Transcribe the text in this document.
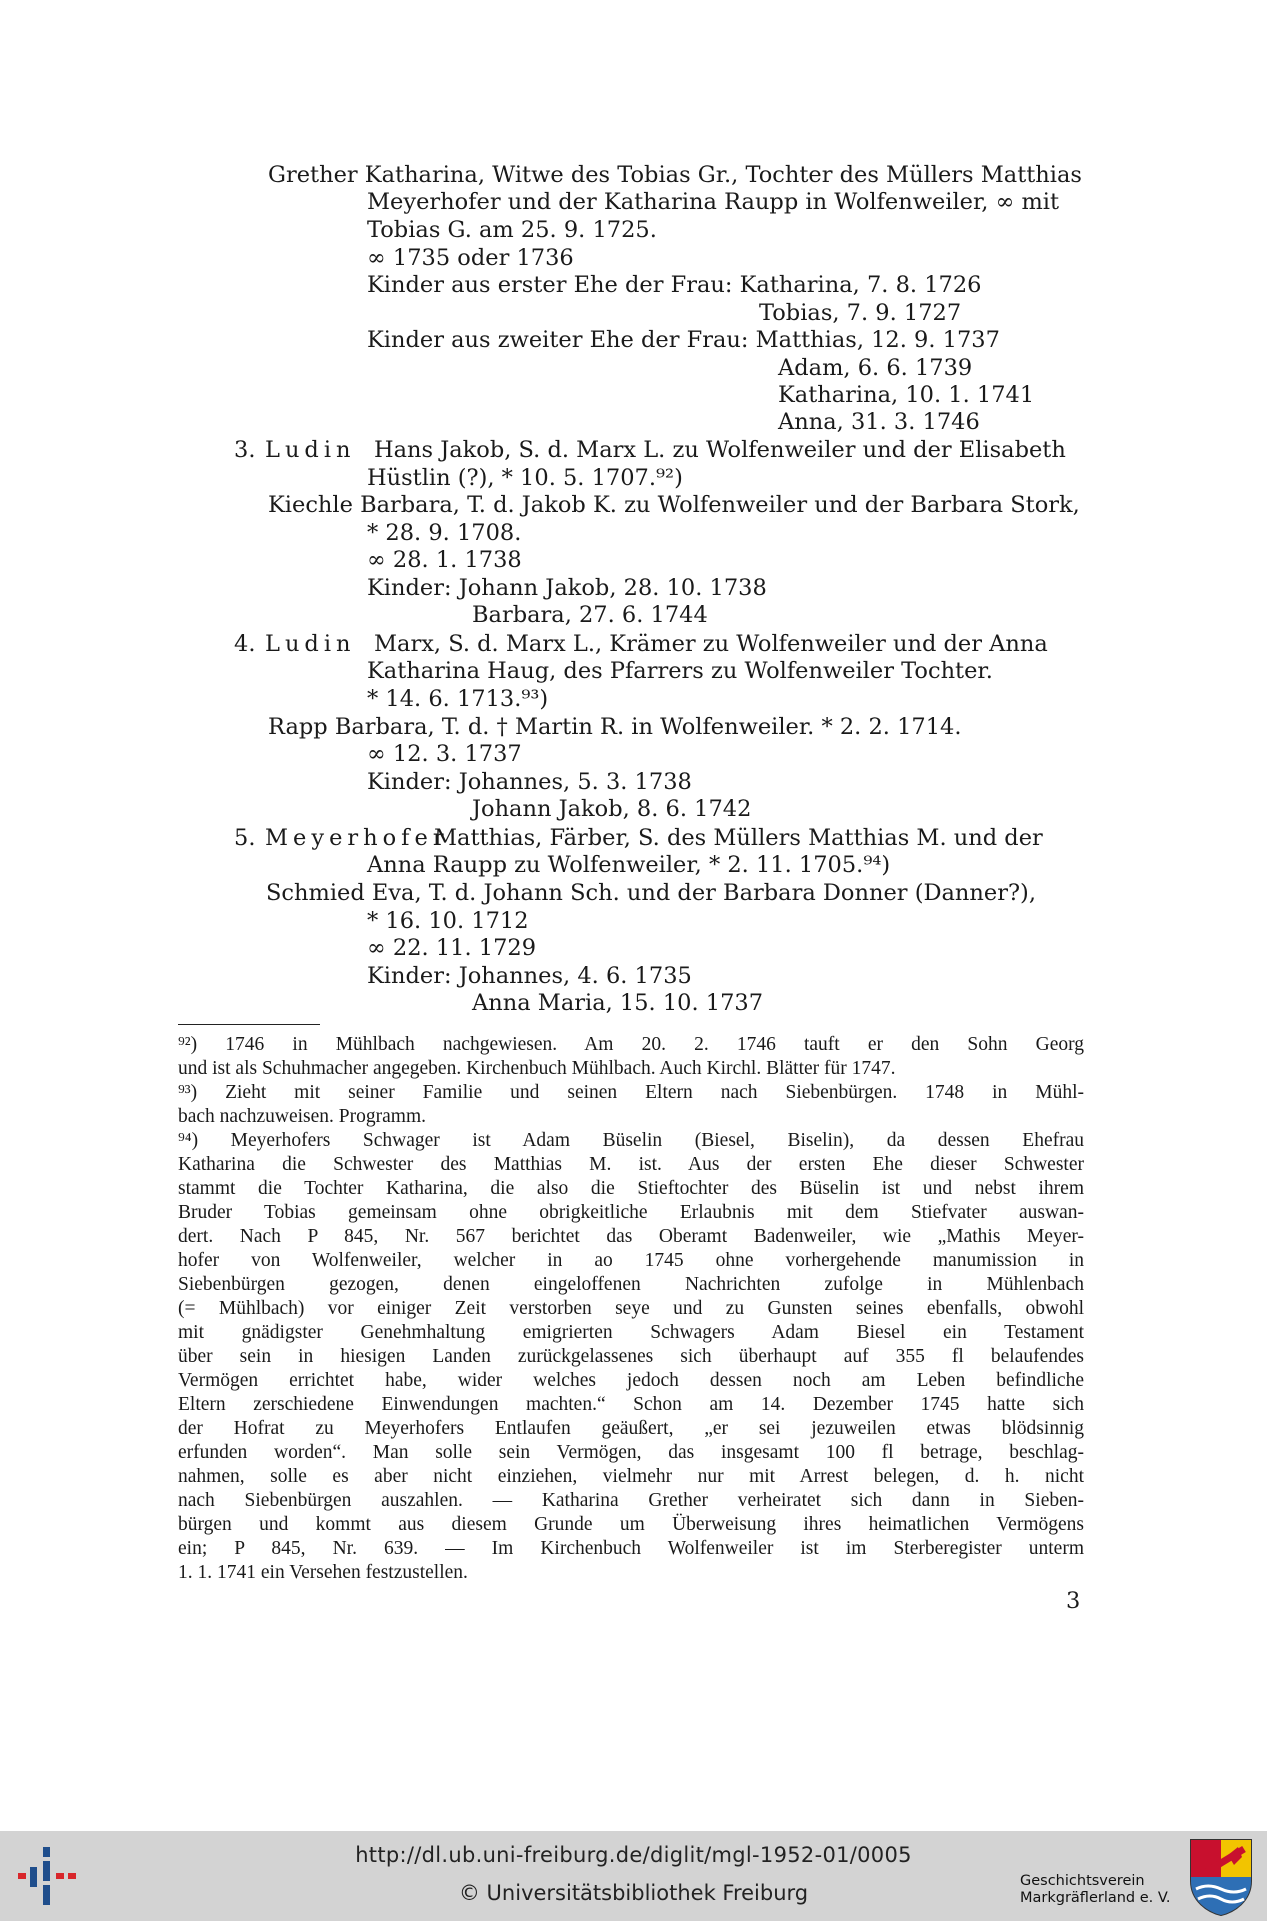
Grether Katharina, Witwe des Tobias Gr., Tochter des Müllers Matthias
Meyerhofer und der Katharina Raupp in Wolfenweiler, ∞ mit
Tobias G. am 25. 9. 1725.
∞ 1735 oder 1736
Kinder aus erster Ehe der Frau: Katharina, 7. 8. 1726
Tobias, 7. 9. 1727
Kinder aus zweiter Ehe der Frau: Matthias, 12. 9. 1737
Adam, 6. 6. 1739
Katharina, 10. 1. 1741
Anna, 31. 3. 1746
3. Ludin Hans Jakob, S. d. Marx L. zu Wolfenweiler und der Elisabeth
Hüstlin (?), * 10. 5. 1707.⁹²)
Kiechle Barbara, T. d. Jakob K. zu Wolfenweiler und der Barbara Stork,
* 28. 9. 1708.
∞ 28. 1. 1738
Kinder: Johann Jakob, 28. 10. 1738
Barbara, 27. 6. 1744
4. Ludin Marx, S. d. Marx L., Krämer zu Wolfenweiler und der Anna
Katharina Haug, des Pfarrers zu Wolfenweiler Tochter.
* 14. 6. 1713.⁹³)
Rapp Barbara, T. d. † Martin R. in Wolfenweiler. * 2. 2. 1714.
∞ 12. 3. 1737
Kinder: Johannes, 5. 3. 1738
Johann Jakob, 8. 6. 1742
5. Meyerhofer
Matthias, Färber, S. des Müllers Matthias M. und der
Anna Raupp zu Wolfenweiler, * 2. 11. 1705.⁹⁴)
Schmied Eva, T. d. Johann Sch. und der Barbara Donner (Danner?),
* 16. 10. 1712
∞ 22. 11. 1729
Kinder: Johannes, 4. 6. 1735
Anna Maria, 15. 10. 1737
⁹²) 1746 in Mühlbach nachgewiesen. Am 20. 2. 1746 tauft er den Sohn Georg
und ist als Schuhmacher angegeben. Kirchenbuch Mühlbach. Auch Kirchl. Blätter für 1747.
⁹³) Zieht mit seiner Familie und seinen Eltern nach Siebenbürgen. 1748 in Mühl-
bach nachzuweisen. Programm.
⁹⁴) Meyerhofers Schwager ist Adam Büselin (Biesel, Biselin), da dessen Ehefrau
Katharina die Schwester des Matthias M. ist. Aus der ersten Ehe dieser Schwester
stammt die Tochter Katharina, die also die Stieftochter des Büselin ist und nebst ihrem
Bruder Tobias gemeinsam ohne obrigkeitliche Erlaubnis mit dem Stiefvater auswan-
dert. Nach P 845, Nr. 567 berichtet das Oberamt Badenweiler, wie „Mathis Meyer-
hofer von Wolfenweiler, welcher in ao 1745 ohne vorhergehende manumission in
Siebenbürgen gezogen, denen eingeloffenen Nachrichten zufolge in Mühlenbach
(= Mühlbach) vor einiger Zeit verstorben seye und zu Gunsten seines ebenfalls, obwohl
mit gnädigster Genehmhaltung emigrierten Schwagers Adam Biesel ein Testament
über sein in hiesigen Landen zurückgelassenes sich überhaupt auf 355 fl belaufendes
Vermögen errichtet habe, wider welches jedoch dessen noch am Leben befindliche
Eltern zerschiedene Einwendungen machten.“ Schon am 14. Dezember 1745 hatte sich
der Hofrat zu Meyerhofers Entlaufen geäußert, „er sei jezuweilen etwas blödsinnig
erfunden worden“. Man solle sein Vermögen, das insgesamt 100 fl betrage, beschlag-
nahmen, solle es aber nicht einziehen, vielmehr nur mit Arrest belegen, d. h. nicht
nach Siebenbürgen auszahlen. — Katharina Grether verheiratet sich dann in Sieben-
bürgen und kommt aus diesem Grunde um Überweisung ihres heimatlichen Vermögens
ein; P 845, Nr. 639. — Im Kirchenbuch Wolfenweiler ist im Sterberegister unterm
1. 1. 1741 ein Versehen festzustellen.
3
http://dl.ub.uni-freiburg.de/diglit/mgl-1952-01/0005
© Universitätsbibliothek Freiburg	Geschichtsverein
Markgräflerland e. V.
